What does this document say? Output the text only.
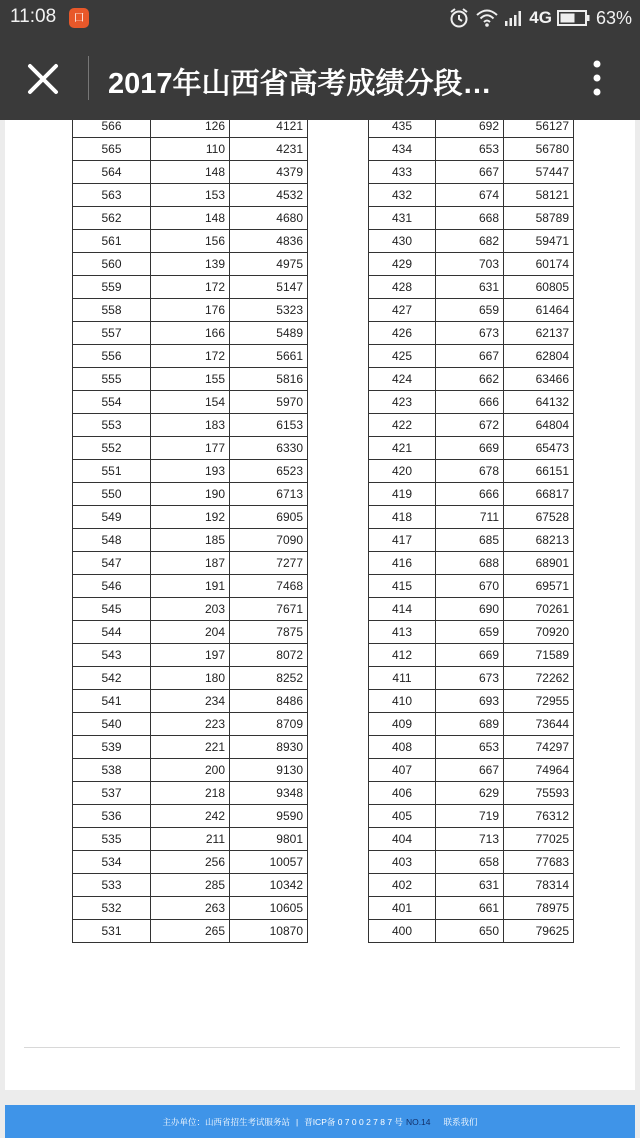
11:08	口	4G 63%
2017年山西省高考成绩分段…
566	126	4121
565	110	4231
564	148	4379
563	153	4532
562	148	4680
561	156	4836
560	139	4975
559	172	5147
558	176	5323
557	166	5489
556	172	5661
555	155	5816
554	154	5970
553	183	6153
552	177	6330
551	193	6523
550	190	6713
549	192	6905
548	185	7090
547	187	7277
546	191	7468
545	203	7671
544	204	7875
543	197	8072
542	180	8252
541	234	8486
540	223	8709
539	221	8930
538	200	9130
537	218	9348
536	242	9590
535	211	9801
534	256	10057
533	285	10342
532	263	10605
531	265	10870
435	692	56127
434	653	56780
433	667	57447
432	674	58121
431	668	58789
430	682	59471
429	703	60174
428	631	60805
427	659	61464
426	673	62137
425	667	62804
424	662	63466
423	666	64132
422	672	64804
421	669	65473
420	678	66151
419	666	66817
418	711	67528
417	685	68213
416	688	68901
415	670	69571
414	690	70261
413	659	70920
412	669	71589
411	673	72262
410	693	72955
409	689	73644
408	653	74297
407	667	74964
406	629	75593
405	719	76312
404	713	77025
403	658	77683
402	631	78314
401	661	78975
400	650	79625
主办单位：山西省招生考试服务站 | 晋ICP备 0 7 0 0 2 7 8 7 号 NO.14 联系我们
